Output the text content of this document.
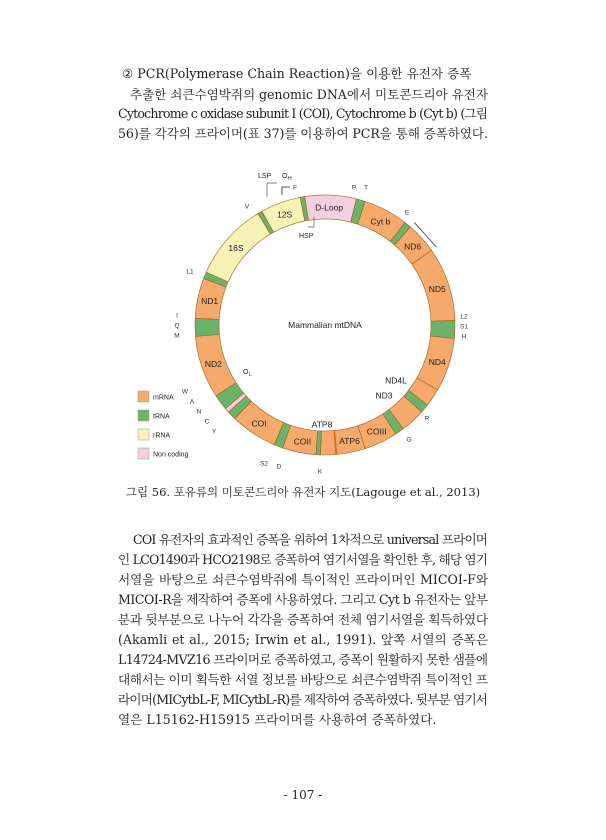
② PCR(Polymerase Chain Reaction)을 이용한 유전자 증폭
추출한 쇠큰수염박쥐의 genomic DNA에서 미토콘드리아 유전자
Cytochrome c oxidase subunit I (COI), Cytochrome b (Cyt b) (그림
56)를 각각의 프라이머(표 37)를 이용하여 PCR을 통해 증폭하였다.
D-Loop
Cyt b
ND6
ND5
ND4
ND4L
ND3
COIII
ATP6
ATP8
COII
COI
ND2
ND1
16S
12S
F
V
L1
I
Q
M
W
A
N
C
Y
S2 D
K
G
R
H
S1
L2
E
P T
LSP O H
HSP
O L
Mammalian mtDNA
mRNA
tRNA
rRNA
Non coding
그림 56. 포유류의 미토콘드리아 유전자 지도(Lagouge et al., 2013)
COI 유전자의 효과적인 증폭을 위하여 1차적으로 universal 프라이머
인 LCO1490과 HCO2198로 증폭하여 염기서열을 확인한 후, 해당 염기
서열을 바탕으로 쇠큰수염박쥐에 특이적인 프라이머인 MICOI-F와
MICOI-R을 제작하여 증폭에 사용하였다. 그리고 Cyt b 유전자는 앞부
분과 뒷부분으로 나누어 각각을 증폭하여 전체 염기서열을 획득하였다
(Akamli et al., 2015; Irwin et al., 1991). 앞쪽 서열의 증폭은
L14724-MVZ16 프라이머로 증폭하였고, 증폭이 원활하지 못한 샘플에
대해서는 이미 획득한 서열 정보를 바탕으로 쇠큰수염박쥐 특이적인 프
라이머(MICytbL-F, MICytbL-R)를 제작하여 증폭하였다. 뒷부분 염기서
열은 L15162-H15915 프라이머를 사용하여 증폭하였다.
- 107 -
